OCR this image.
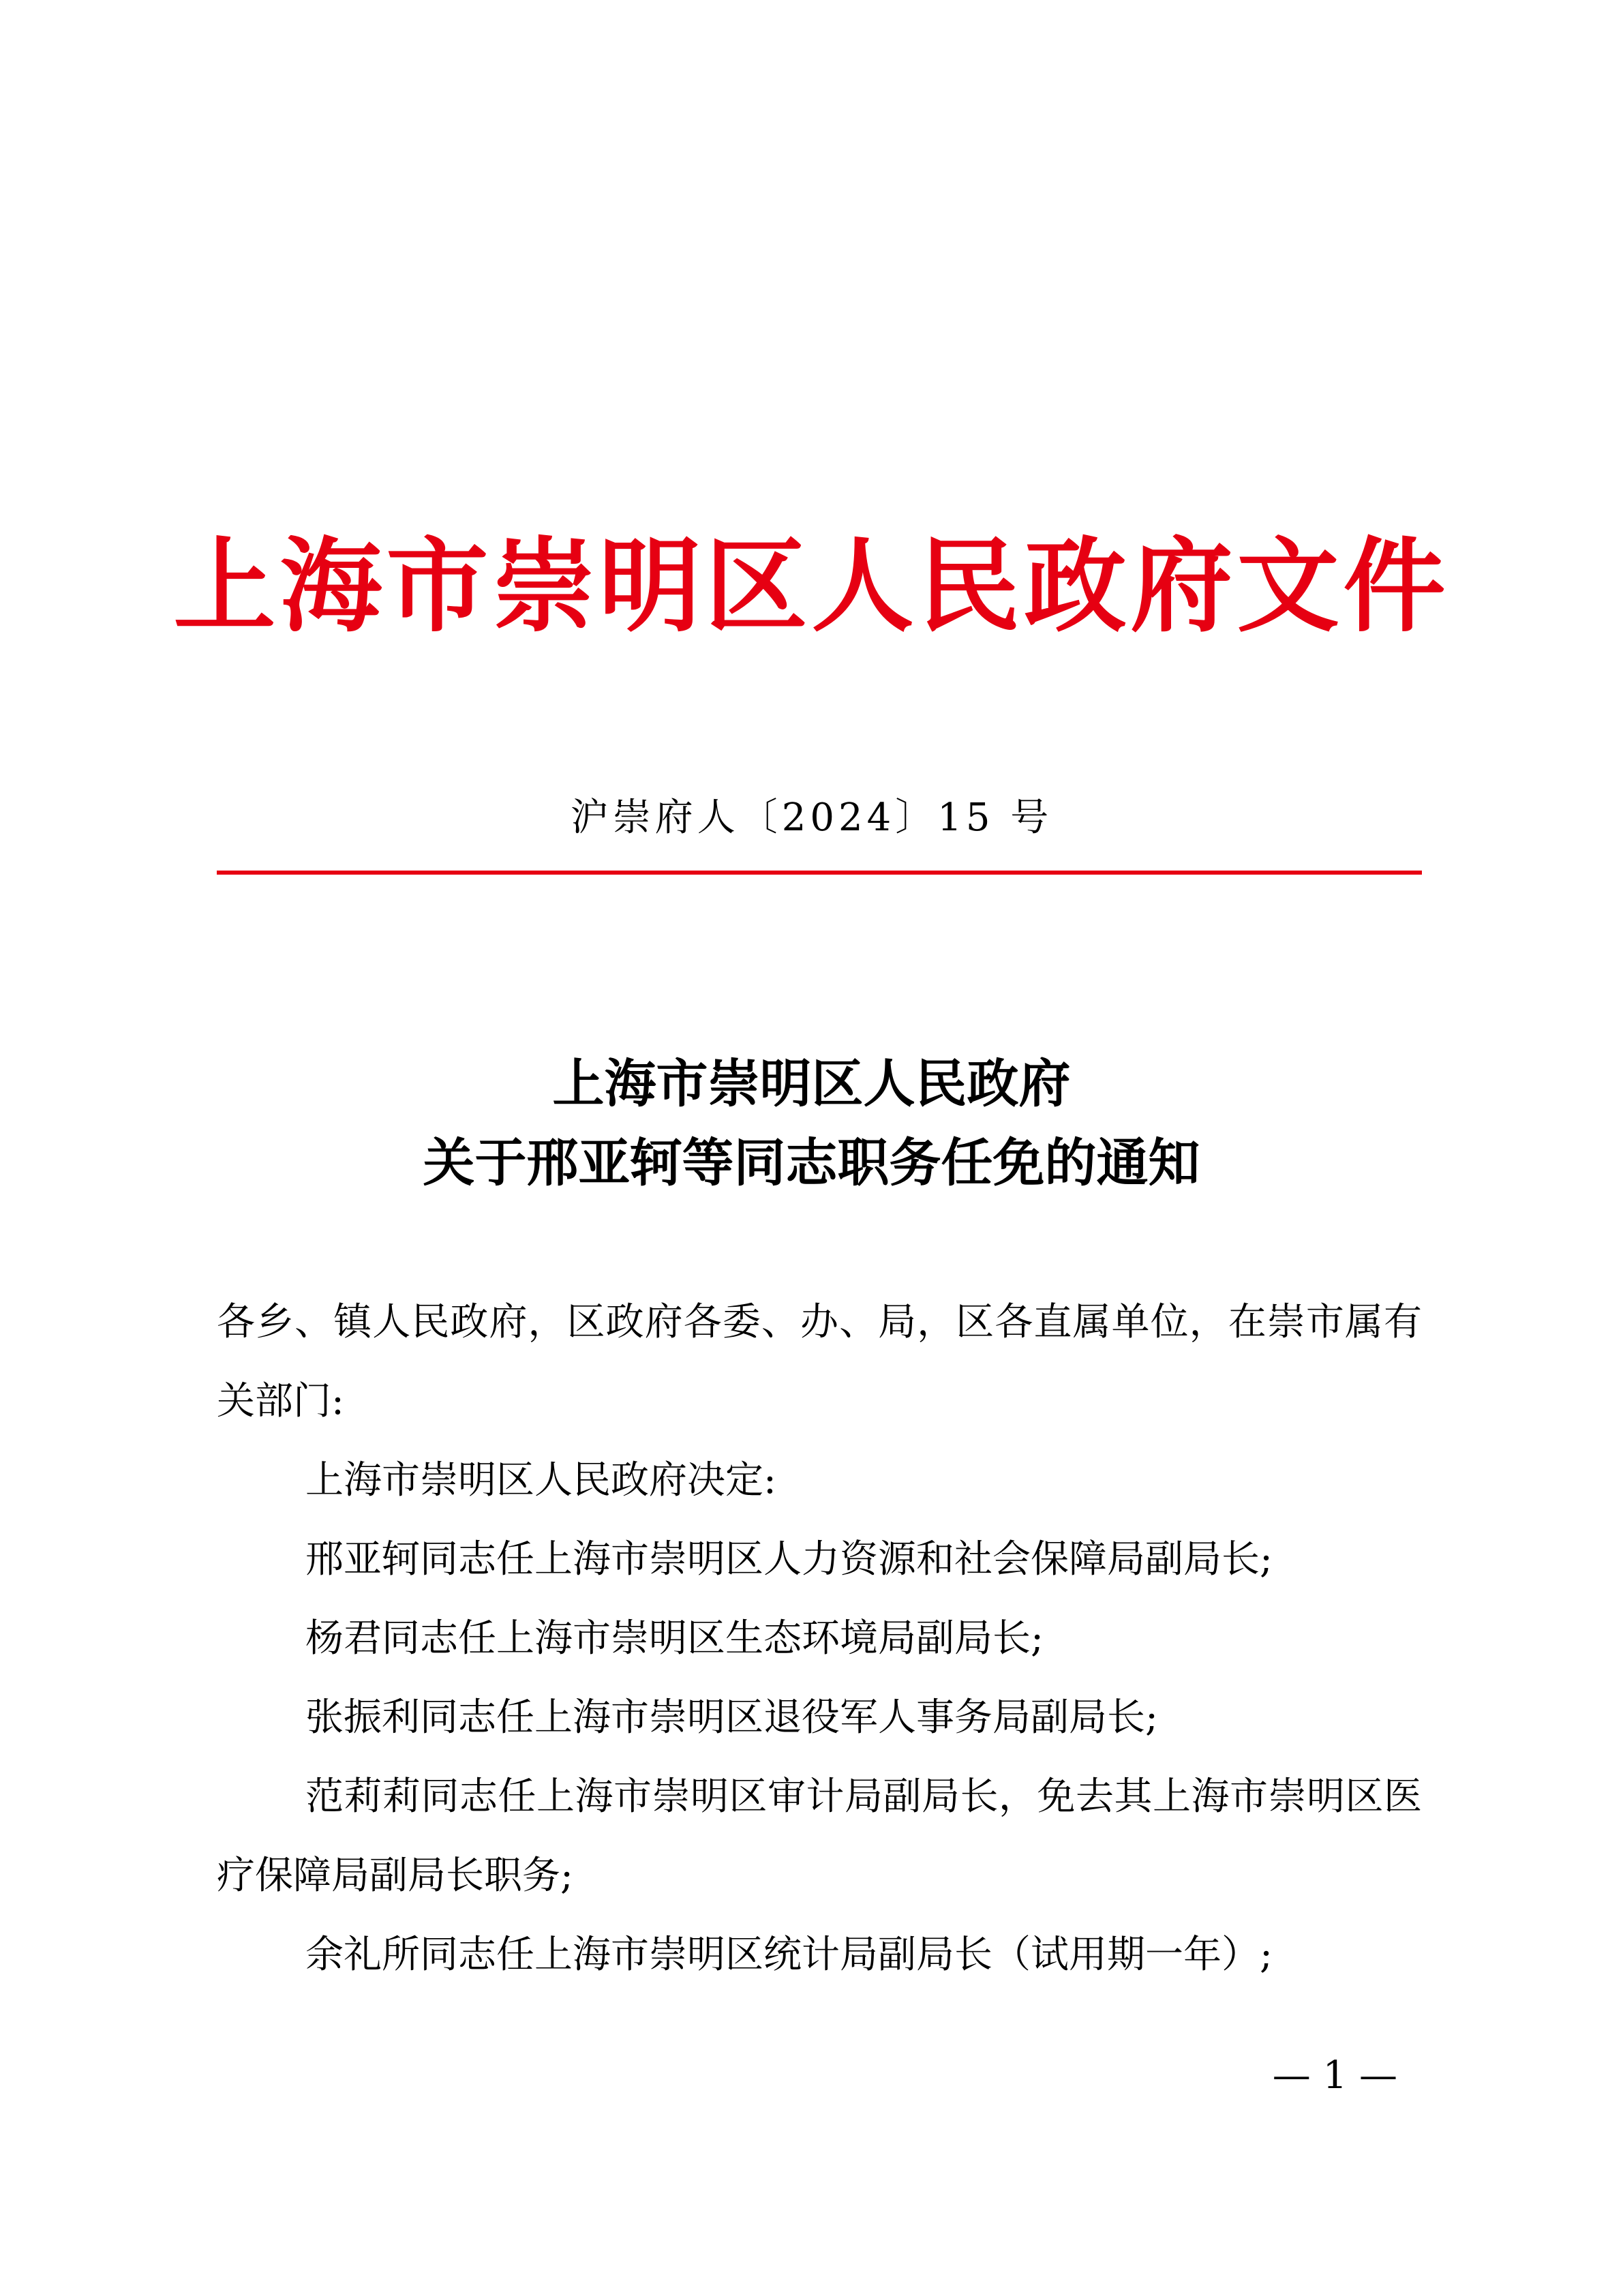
上海市崇明区人民政府文件
沪崇府人〔2024〕15 号
上海市崇明区人民政府
关于邢亚轲等同志职务任免的通知

各乡、镇人民政府，区政府各委、办、局，区各直属单位，在崇市属有关部门:

上海市崇明区人民政府决定:

邢亚轲同志任上海市崇明区人力资源和社会保障局副局长;

杨君同志任上海市崇明区生态环境局副局长;

张振利同志任上海市崇明区退役军人事务局副局长;

范莉莉同志任上海市崇明区审计局副局长，免去其上海市崇明区医疗保障局副局长职务;

余礼所同志任上海市崇明区统计局副局长（试用期一年）;

— 1 —
